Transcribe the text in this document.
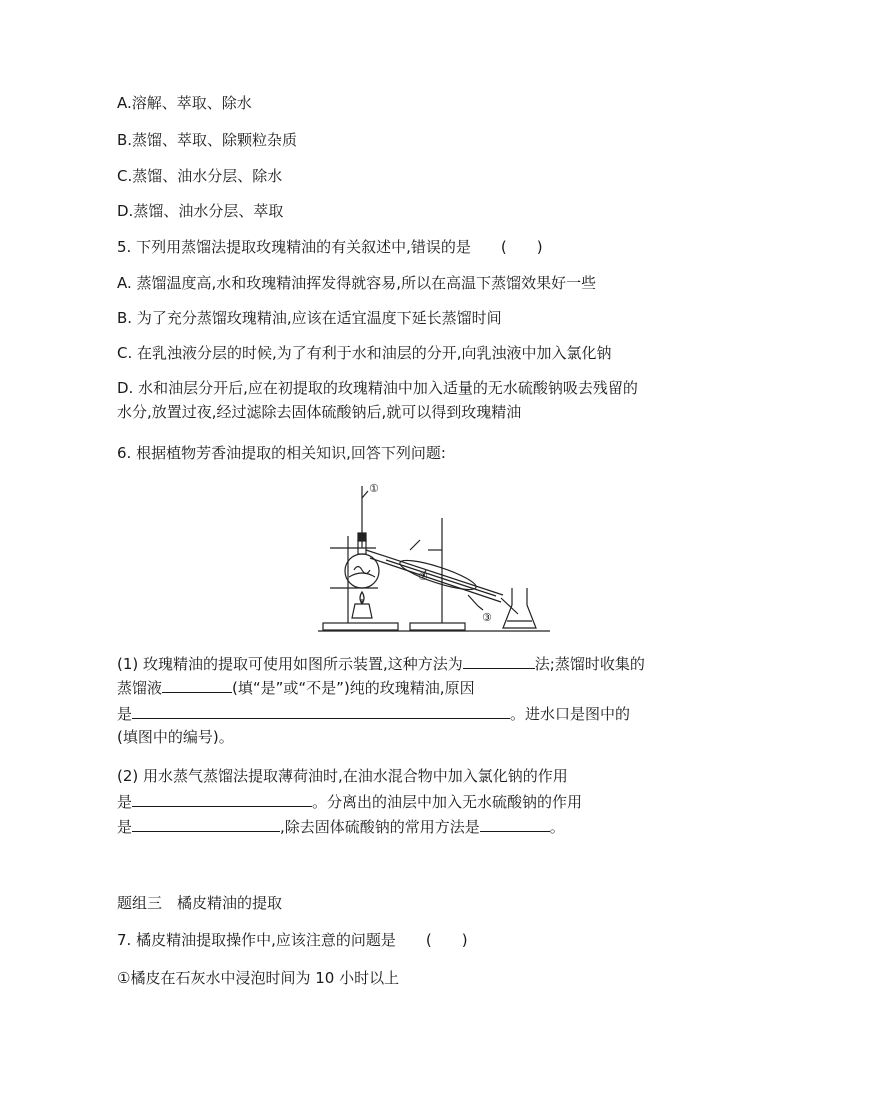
A.溶解、萃取、除水
B.蒸馏、萃取、除颗粒杂质
C.蒸馏、油水分层、除水
D.蒸馏、油水分层、萃取
5. 下列用蒸馏法提取玫瑰精油的有关叙述中,错误的是　　(　　)
A. 蒸馏温度高,水和玫瑰精油挥发得就容易,所以在高温下蒸馏效果好一些
B. 为了充分蒸馏玫瑰精油,应该在适宜温度下延长蒸馏时间
C. 在乳浊液分层的时候,为了有利于水和油层的分开,向乳浊液中加入氯化钠
D. 水和油层分开后,应在初提取的玫瑰精油中加入适量的无水硫酸钠吸去残留的
水分,放置过夜,经过滤除去固体硫酸钠后,就可以得到玫瑰精油
6. 根据植物芳香油提取的相关知识,回答下列问题:
①
②
③
(1) 玫瑰精油的提取可使用如图所示装置,这种方法为	法;蒸馏时收集的
蒸馏液	(填“是”或“不是”)纯的玫瑰精油,原因
是	。进水口是图中的
(填图中的编号)。
(2) 用水蒸气蒸馏法提取薄荷油时,在油水混合物中加入氯化钠的作用
是	。分离出的油层中加入无水硫酸钠的作用
是	,除去固体硫酸钠的常用方法是	。
题组三　橘皮精油的提取
7. 橘皮精油提取操作中,应该注意的问题是　　(　　)
①橘皮在石灰水中浸泡时间为 10 小时以上
